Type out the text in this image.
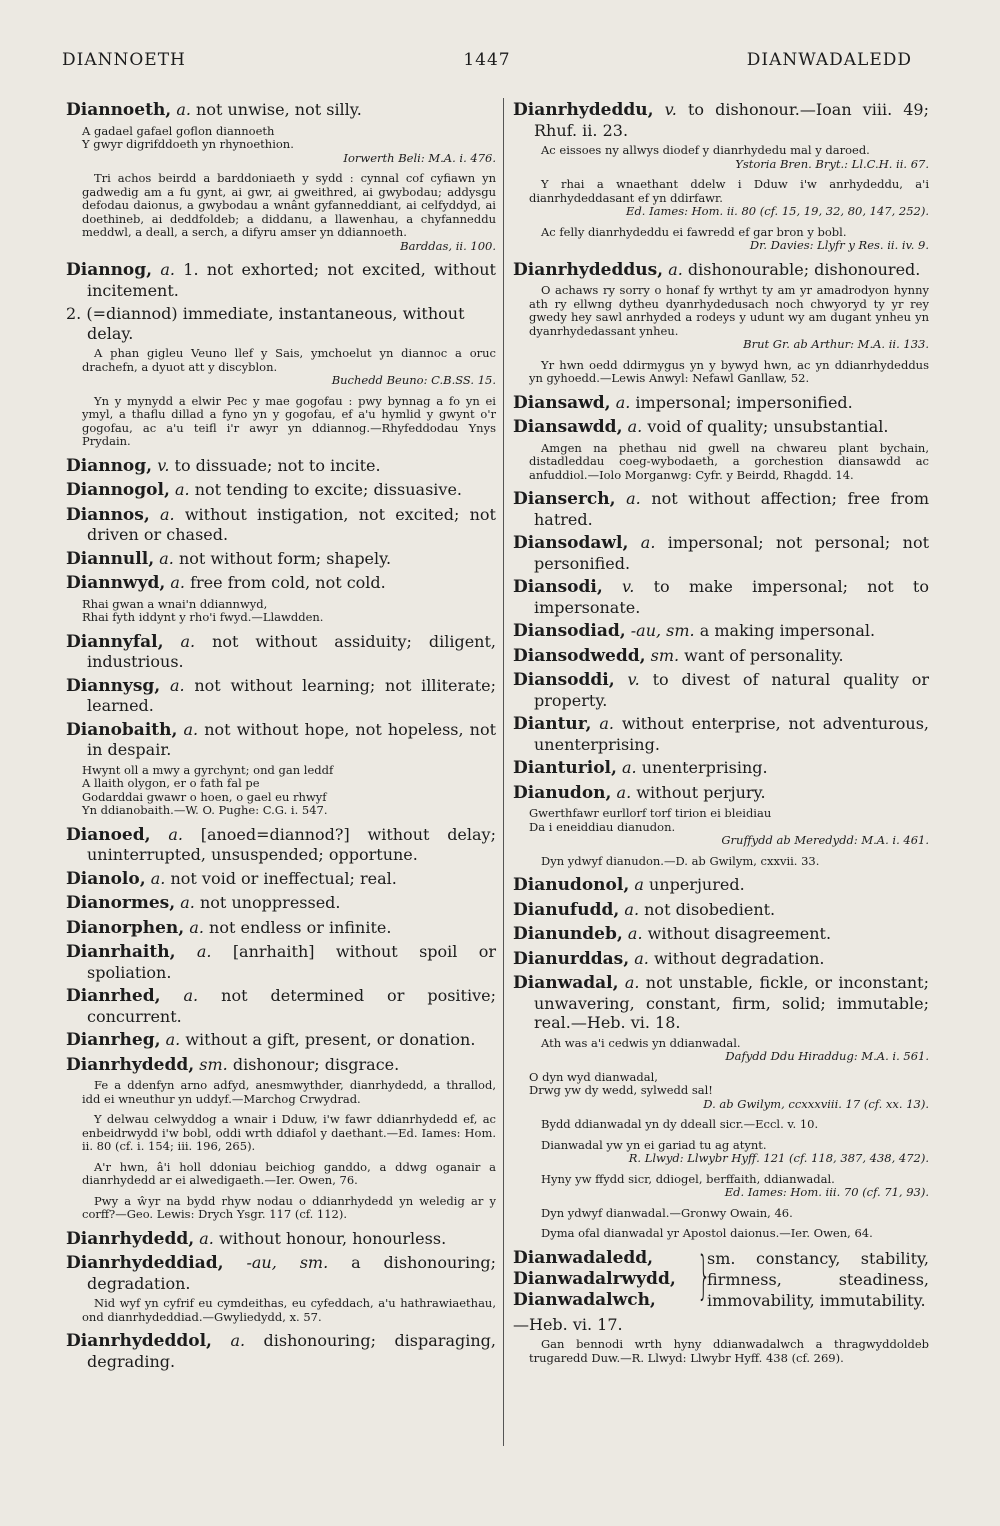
DIANNOETH	1447	DIANWADALEDD
Diannoeth, a. not unwise, not silly.
A gadael gafael goflon diannoeth
Y gwyr digrifddoeth yn rhynoethion.
Iorwerth Beli: M.A. i. 476.
Tri achos beirdd a barddoniaeth y sydd : cynnal cof cyfiawn yn gadwedig am a fu gynt, ai gwr, ai gweithred, ai gwybodau; addysgu defodau daionus, a gwybodau a wnânt gyfanneddiant, ai celfyddyd, ai doethineb, ai deddfoldeb; a diddanu, a llawenhau, a chyfanneddu meddwl, a deall, a serch, a difyru amser yn ddiannoeth.
Barddas, ii. 100.
Diannog, a. 1. not exhorted; not excited, without incitement.
2. (=diannod) immediate, instantaneous, without delay.
A phan gigleu Veuno llef y Sais, ymchoelut yn diannoc a oruc drachefn, a dyuot att y discyblon.
Buchedd Beuno: C.B.SS. 15.
Yn y mynydd a elwir Pec y mae gogofau : pwy bynnag a fo yn ei ymyl, a thaflu dillad a fyno yn y gogofau, ef a'u hymlid y gwynt o'r gogofau, ac a'u teifl i'r awyr yn ddiannog.—Rhyfeddodau Ynys Prydain.
Diannog, v. to dissuade; not to incite.
Diannogol, a. not tending to excite; dissuasive.
Diannos, a. without instigation, not excited; not driven or chased.
Diannull, a. not without form; shapely.
Diannwyd, a. free from cold, not cold.
Rhai gwan a wnai'n ddiannwyd,
Rhai fyth iddynt y rho'i fwyd.—Llawdden.
Diannyfal, a. not without assiduity; diligent, industrious.
Diannysg, a. not without learning; not illiterate; learned.
Dianobaith, a. not without hope, not hopeless, not in despair.
Hwynt oll a mwy a gyrchynt; ond gan leddf
A llaith olygon, er o fath fal pe
Godarddai gwawr o hoen, o gael eu rhwyf
Yn ddianobaith.—W. O. Pughe: C.G. i. 547.
Dianoed, a. [anoed=diannod?] without delay; uninterrupted, unsuspended; opportune.
Dianolo, a. not void or ineffectual; real.
Dianormes, a. not unoppressed.
Dianorphen, a. not endless or infinite.
Dianrhaith, a. [anrhaith] without spoil or spoliation.
Dianrhed, a. not determined or positive; concurrent.
Dianrheg, a. without a gift, present, or donation.
Dianrhydedd, sm. dishonour; disgrace.
Fe a ddenfyn arno adfyd, anesmwythder, dianrhydedd, a thrallod, idd ei wneuthur yn uddyf.—Marchog Crwydrad.
Y delwau celwyddog a wnair i Dduw, i'w fawr ddianrhydedd ef, ac enbeidrwydd i'w bobl, oddi wrth ddiafol y daethant.—Ed. Iames: Hom. ii. 80 (cf. i. 154; iii. 196, 265).
A'r hwn, â'i holl ddoniau beichiog ganddo, a ddwg oganair a dianrhydedd ar ei alwedigaeth.—Ier. Owen, 76.
Pwy a ŵyr na bydd rhyw nodau o ddianrhydedd yn weledig ar y corff?—Geo. Lewis: Drych Ysgr. 117 (cf. 112).
Dianrhydedd, a. without honour, honourless.
Dianrhydeddiad, -au, sm. a dishonouring; degradation.
Nid wyf yn cyfrif eu cymdeithas, eu cyfeddach, a'u hathrawiaethau, ond dianrhydeddiad.—Gwyliedydd, x. 57.
Dianrhydeddol, a. dishonouring; disparaging, degrading.
Dianrhydeddu, v. to dishonour.—Ioan viii. 49; Rhuf. ii. 23.
Ac eissoes ny allwys diodef y dianrhydedu mal y daroed.
Ystoria Bren. Bryt.: Ll.C.H. ii. 67.
Y rhai a wnaethant ddelw i Dduw i'w anrhydeddu, a'i dianrhydeddasant ef yn ddirfawr.
Ed. Iames: Hom. ii. 80 (cf. 15, 19, 32, 80, 147, 252).
Ac felly dianrhydeddu ei fawredd ef gar bron y bobl.
Dr. Davies: Llyfr y Res. ii. iv. 9.
Dianrhydeddus, a. dishonourable; dishonoured.
O achaws ry sorry o honaf fy wrthyt ty am yr amadrodyon hynny ath ry ellwng dytheu dyanrhydedusach noch chwyoryd ty yr rey gwedy hey sawl anrhyded a rodeys y udunt wy am dugant ynheu yn dyanrhydedassant ynheu.
Brut Gr. ab Arthur: M.A. ii. 133.
Yr hwn oedd ddirmygus yn y bywyd hwn, ac yn ddianrhydeddus yn gyhoedd.—Lewis Anwyl: Nefawl Ganllaw, 52.
Diansawd, a. impersonal; impersonified.
Diansawdd, a. void of quality; unsubstantial.
Amgen na phethau nid gwell na chwareu plant bychain, distadleddau coeg-wybodaeth, a gorchestion diansawdd ac anfuddiol.—Iolo Morganwg: Cyfr. y Beirdd, Rhagdd. 14.
Dianserch, a. not without affection; free from hatred.
Diansodawl, a. impersonal; not personal; not personified.
Diansodi, v. to make impersonal; not to impersonate.
Diansodiad, -au, sm. a making impersonal.
Diansodwedd, sm. want of personality.
Diansoddi, v. to divest of natural quality or property.
Diantur, a. without enterprise, not adventurous, unenterprising.
Dianturiol, a. unenterprising.
Dianudon, a. without perjury.
Gwerthfawr eurllorf torf tirion ei bleidiau
Da i eneiddiau dianudon.
Gruffydd ab Meredydd: M.A. i. 461.
Dyn ydwyf dianudon.—D. ab Gwilym, cxxvii. 33.
Dianudonol, a unperjured.
Dianufudd, a. not disobedient.
Dianundeb, a. without disagreement.
Dianurddas, a. without degradation.
Dianwadal, a. not unstable, fickle, or inconstant; unwavering, constant, firm, solid; immutable; real.—Heb. vi. 18.
Ath was a'i cedwis yn ddianwadal.
Dafydd Ddu Hiraddug: M.A. i. 561.
O dyn wyd dianwadal,
Drwg yw dy wedd, sylwedd sal!
D. ab Gwilym, ccxxxviii. 17 (cf. xx. 13).
Bydd ddianwadal yn dy ddeall sicr.—Eccl. v. 10.
Dianwadal yw yn ei gariad tu ag atynt.
R. Llwyd: Llwybr Hyff. 121 (cf. 118, 387, 438, 472).
Hyny yw ffydd sicr, ddiogel, berffaith, ddianwadal.
Ed. Iames: Hom. iii. 70 (cf. 71, 93).
Dyn ydwyf dianwadal.—Gronwy Owain, 46.
Dyma ofal dianwadal yr Apostol daionus.—Ier. Owen, 64.
Dianwadaledd,
Dianwadalrwydd,
Dianwadalwch, }
sm. constancy, stability, firmness, steadiness, immovability, immutability.
—Heb. vi. 17.
Gan bennodi wrth hyny ddianwadalwch a thragwyddoldeb trugaredd Duw.—R. Llwyd: Llwybr Hyff. 438 (cf. 269).
